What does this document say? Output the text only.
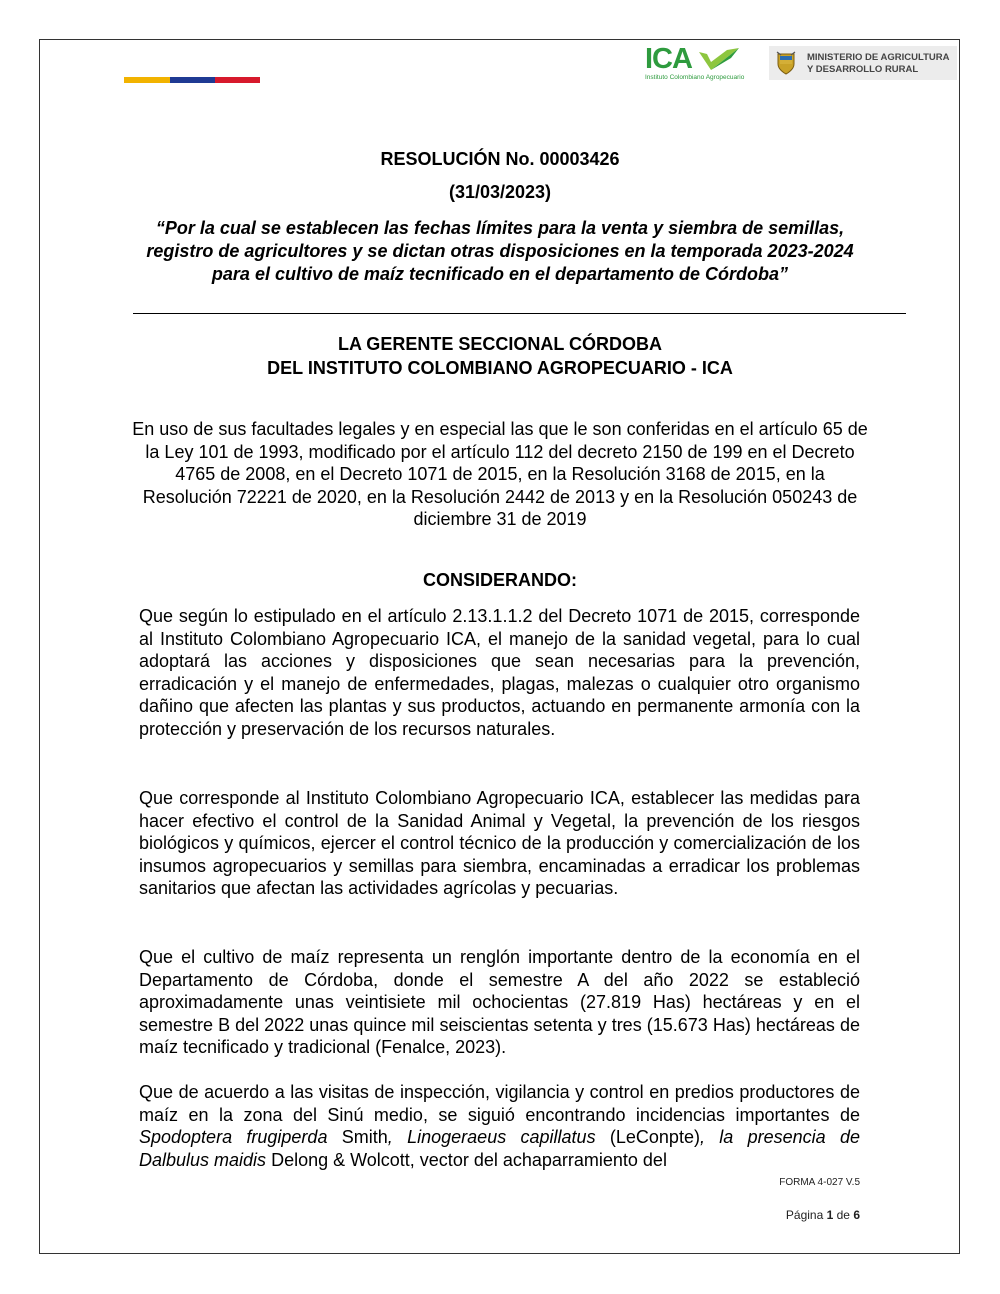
ICA
Instituto Colombiano Agropecuario
MINISTERIO DE AGRICULTURA
Y DESARROLLO RURAL
RESOLUCIÓN No. 00003426
(31/03/2023)
“Por la cual se establecen las fechas límites para la venta y siembra de semillas, registro de agricultores y se dictan otras disposiciones en la temporada 2023-2024 para el cultivo de maíz tecnificado en el departamento de Córdoba”
LA GERENTE SECCIONAL CÓRDOBA
DEL INSTITUTO COLOMBIANO AGROPECUARIO - ICA
En uso de sus facultades legales y en especial las que le son conferidas en el artículo 65 de la Ley 101 de 1993, modificado por el artículo 112 del decreto 2150 de 199 en el Decreto 4765 de 2008, en el Decreto 1071 de 2015, en la Resolución 3168 de 2015, en la Resolución 72221 de 2020, en la Resolución 2442 de 2013 y en la Resolución 050243 de diciembre 31 de 2019
CONSIDERANDO:
Que según lo estipulado en el artículo 2.13.1.1.2 del Decreto 1071 de 2015, corresponde al Instituto Colombiano Agropecuario ICA, el manejo de la sanidad vegetal, para lo cual adoptará las acciones y disposiciones que sean necesarias para la prevención, erradicación y el manejo de enfermedades, plagas, malezas o cualquier otro organismo dañino que afecten las plantas y sus productos, actuando en permanente armonía con la protección y preservación de los recursos naturales.
Que corresponde al Instituto Colombiano Agropecuario ICA, establecer las medidas para hacer efectivo el control de la Sanidad Animal y Vegetal, la prevención de los riesgos biológicos y químicos, ejercer el control técnico de la producción y comercialización de los insumos agropecuarios y semillas para siembra, encaminadas a erradicar los problemas sanitarios que afectan las actividades agrícolas y pecuarias.
Que el cultivo de maíz representa un renglón importante dentro de la economía en el Departamento de Córdoba, donde el semestre A del año 2022 se estableció aproximadamente unas veintisiete mil ochocientas (27.819 Has) hectáreas y en el semestre B del 2022 unas quince mil seiscientas setenta y tres (15.673 Has) hectáreas de maíz tecnificado y tradicional (Fenalce, 2023).
Que de acuerdo a las visitas de inspección, vigilancia y control en predios productores de maíz en la zona del Sinú medio, se siguió encontrando incidencias importantes de Spodoptera frugiperda Smith, Linogeraeus capillatus (LeConpte), la presencia de Dalbulus maidis Delong & Wolcott, vector del achaparramiento del
FORMA 4-027 V.5
Página 1 de 6
